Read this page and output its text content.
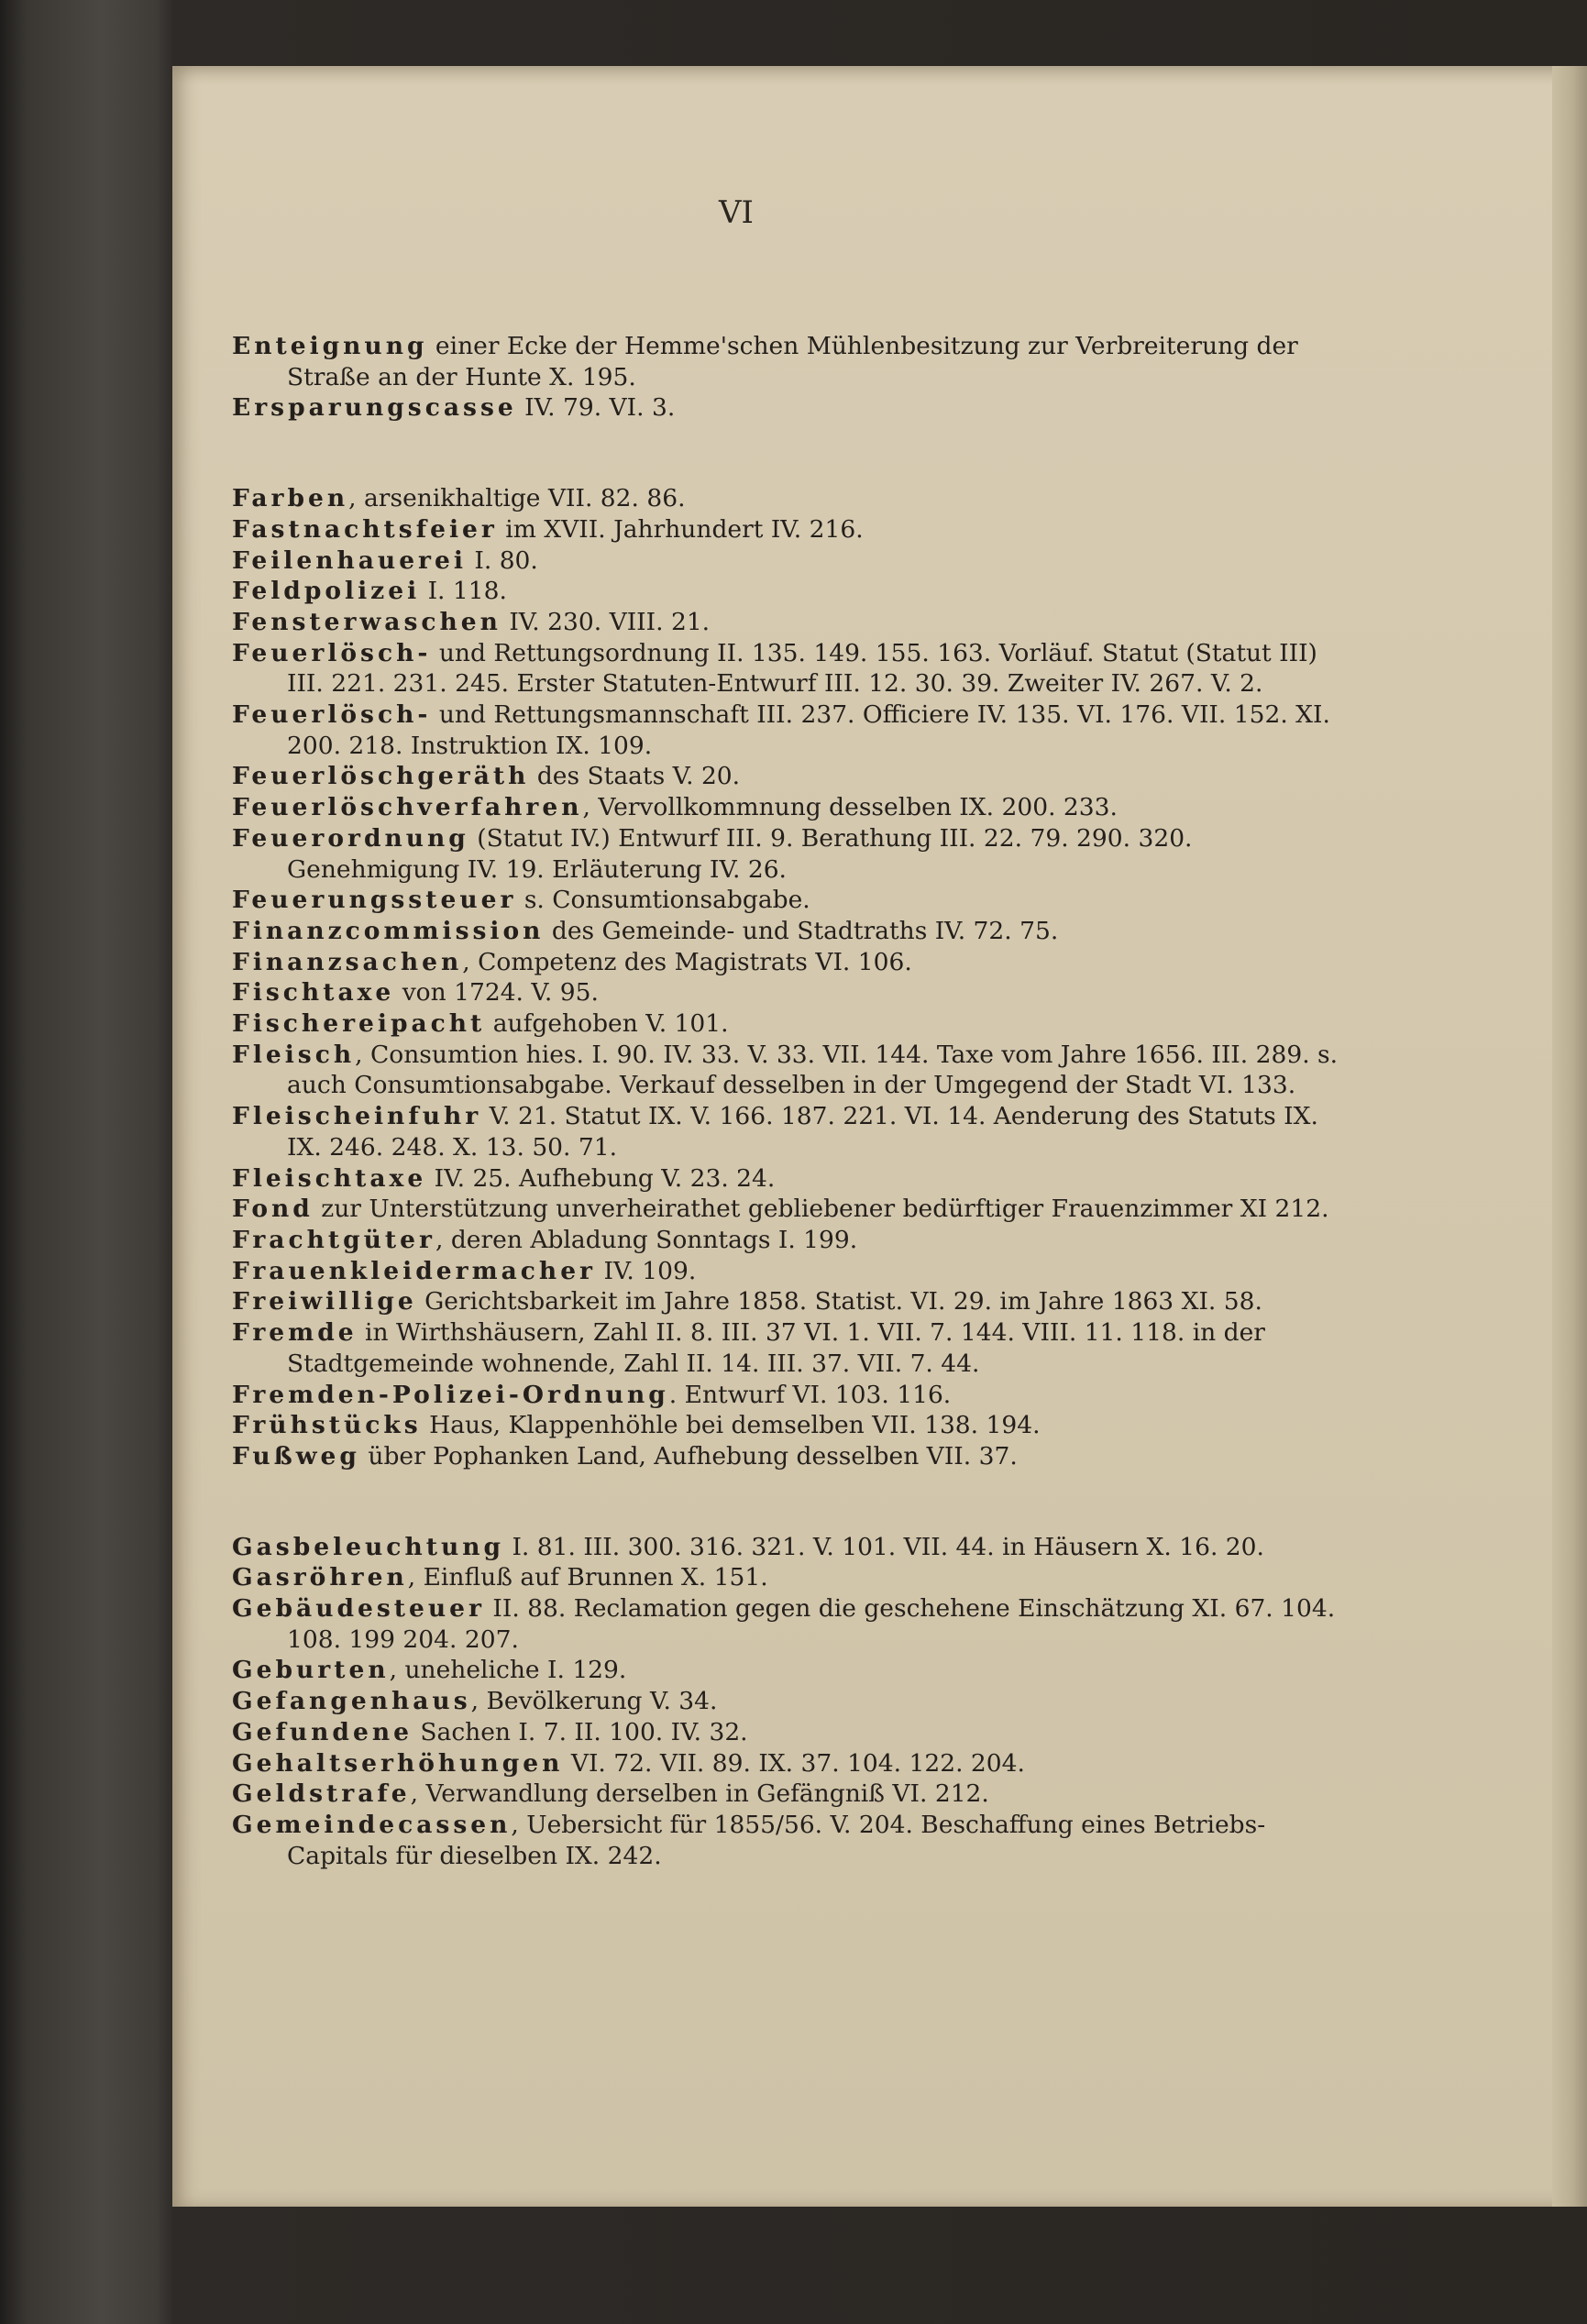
VI
Enteignung einer Ecke der Hemme'schen Mühlenbesitzung zur Verbreiterung der Straße an der Hunte X. 195.
Ersparungscasse IV. 79. VI. 3.
Farben, arsenikhaltige VII. 82. 86.
Fastnachtsfeier im XVII. Jahrhundert IV. 216.
Feilenhauerei I. 80.
Feldpolizei I. 118.
Fensterwaschen IV. 230. VIII. 21.
Feuerlösch- und Rettungsordnung II. 135. 149. 155. 163. Vorläuf. Statut (Statut III) III. 221. 231. 245. Erster Statuten-Entwurf III. 12. 30. 39. Zweiter IV. 267. V. 2.
Feuerlösch- und Rettungsmannschaft III. 237. Officiere IV. 135. VI. 176. VII. 152. XI. 200. 218. Instruktion IX. 109.
Feuerlöschgeräth des Staats V. 20.
Feuerlöschverfahren, Vervollkommnung desselben IX. 200. 233.
Feuerordnung (Statut IV.) Entwurf III. 9. Berathung III. 22. 79. 290. 320. Genehmigung IV. 19. Erläuterung IV. 26.
Feuerungssteuer s. Consumtionsabgabe.
Finanzcommission des Gemeinde- und Stadtraths IV. 72. 75.
Finanzsachen, Competenz des Magistrats VI. 106.
Fischtaxe von 1724. V. 95.
Fischereipacht aufgehoben V. 101.
Fleisch, Consumtion hies. I. 90. IV. 33. V. 33. VII. 144. Taxe vom Jahre 1656. III. 289. s. auch Consumtionsabgabe. Verkauf desselben in der Umgegend der Stadt VI. 133.
Fleischeinfuhr V. 21. Statut IX. V. 166. 187. 221. VI. 14. Aenderung des Statuts IX. IX. 246. 248. X. 13. 50. 71.
Fleischtaxe IV. 25. Aufhebung V. 23. 24.
Fond zur Unterstützung unverheirathet gebliebener bedürftiger Frauenzimmer XI 212.
Frachtgüter, deren Abladung Sonntags I. 199.
Frauenkleidermacher IV. 109.
Freiwillige Gerichtsbarkeit im Jahre 1858. Statist. VI. 29. im Jahre 1863 XI. 58.
Fremde in Wirthshäusern, Zahl II. 8. III. 37 VI. 1. VII. 7. 144. VIII. 11. 118. in der Stadtgemeinde wohnende, Zahl II. 14. III. 37. VII. 7. 44.
Fremden-Polizei-Ordnung. Entwurf VI. 103. 116.
Frühstücks Haus, Klappenhöhle bei demselben VII. 138. 194.
Fußweg über Pophanken Land, Aufhebung desselben VII. 37.
Gasbeleuchtung I. 81. III. 300. 316. 321. V. 101. VII. 44. in Häusern X. 16. 20.
Gasröhren, Einfluß auf Brunnen X. 151.
Gebäudesteuer II. 88. Reclamation gegen die geschehene Einschätzung XI. 67. 104. 108. 199 204. 207.
Geburten, uneheliche I. 129.
Gefangenhaus, Bevölkerung V. 34.
Gefundene Sachen I. 7. II. 100. IV. 32.
Gehaltserhöhungen VI. 72. VII. 89. IX. 37. 104. 122. 204.
Geldstrafe, Verwandlung derselben in Gefängniß VI. 212.
Gemeindecassen, Uebersicht für 1855/56. V. 204. Beschaffung eines Betriebs-Capitals für dieselben IX. 242.
